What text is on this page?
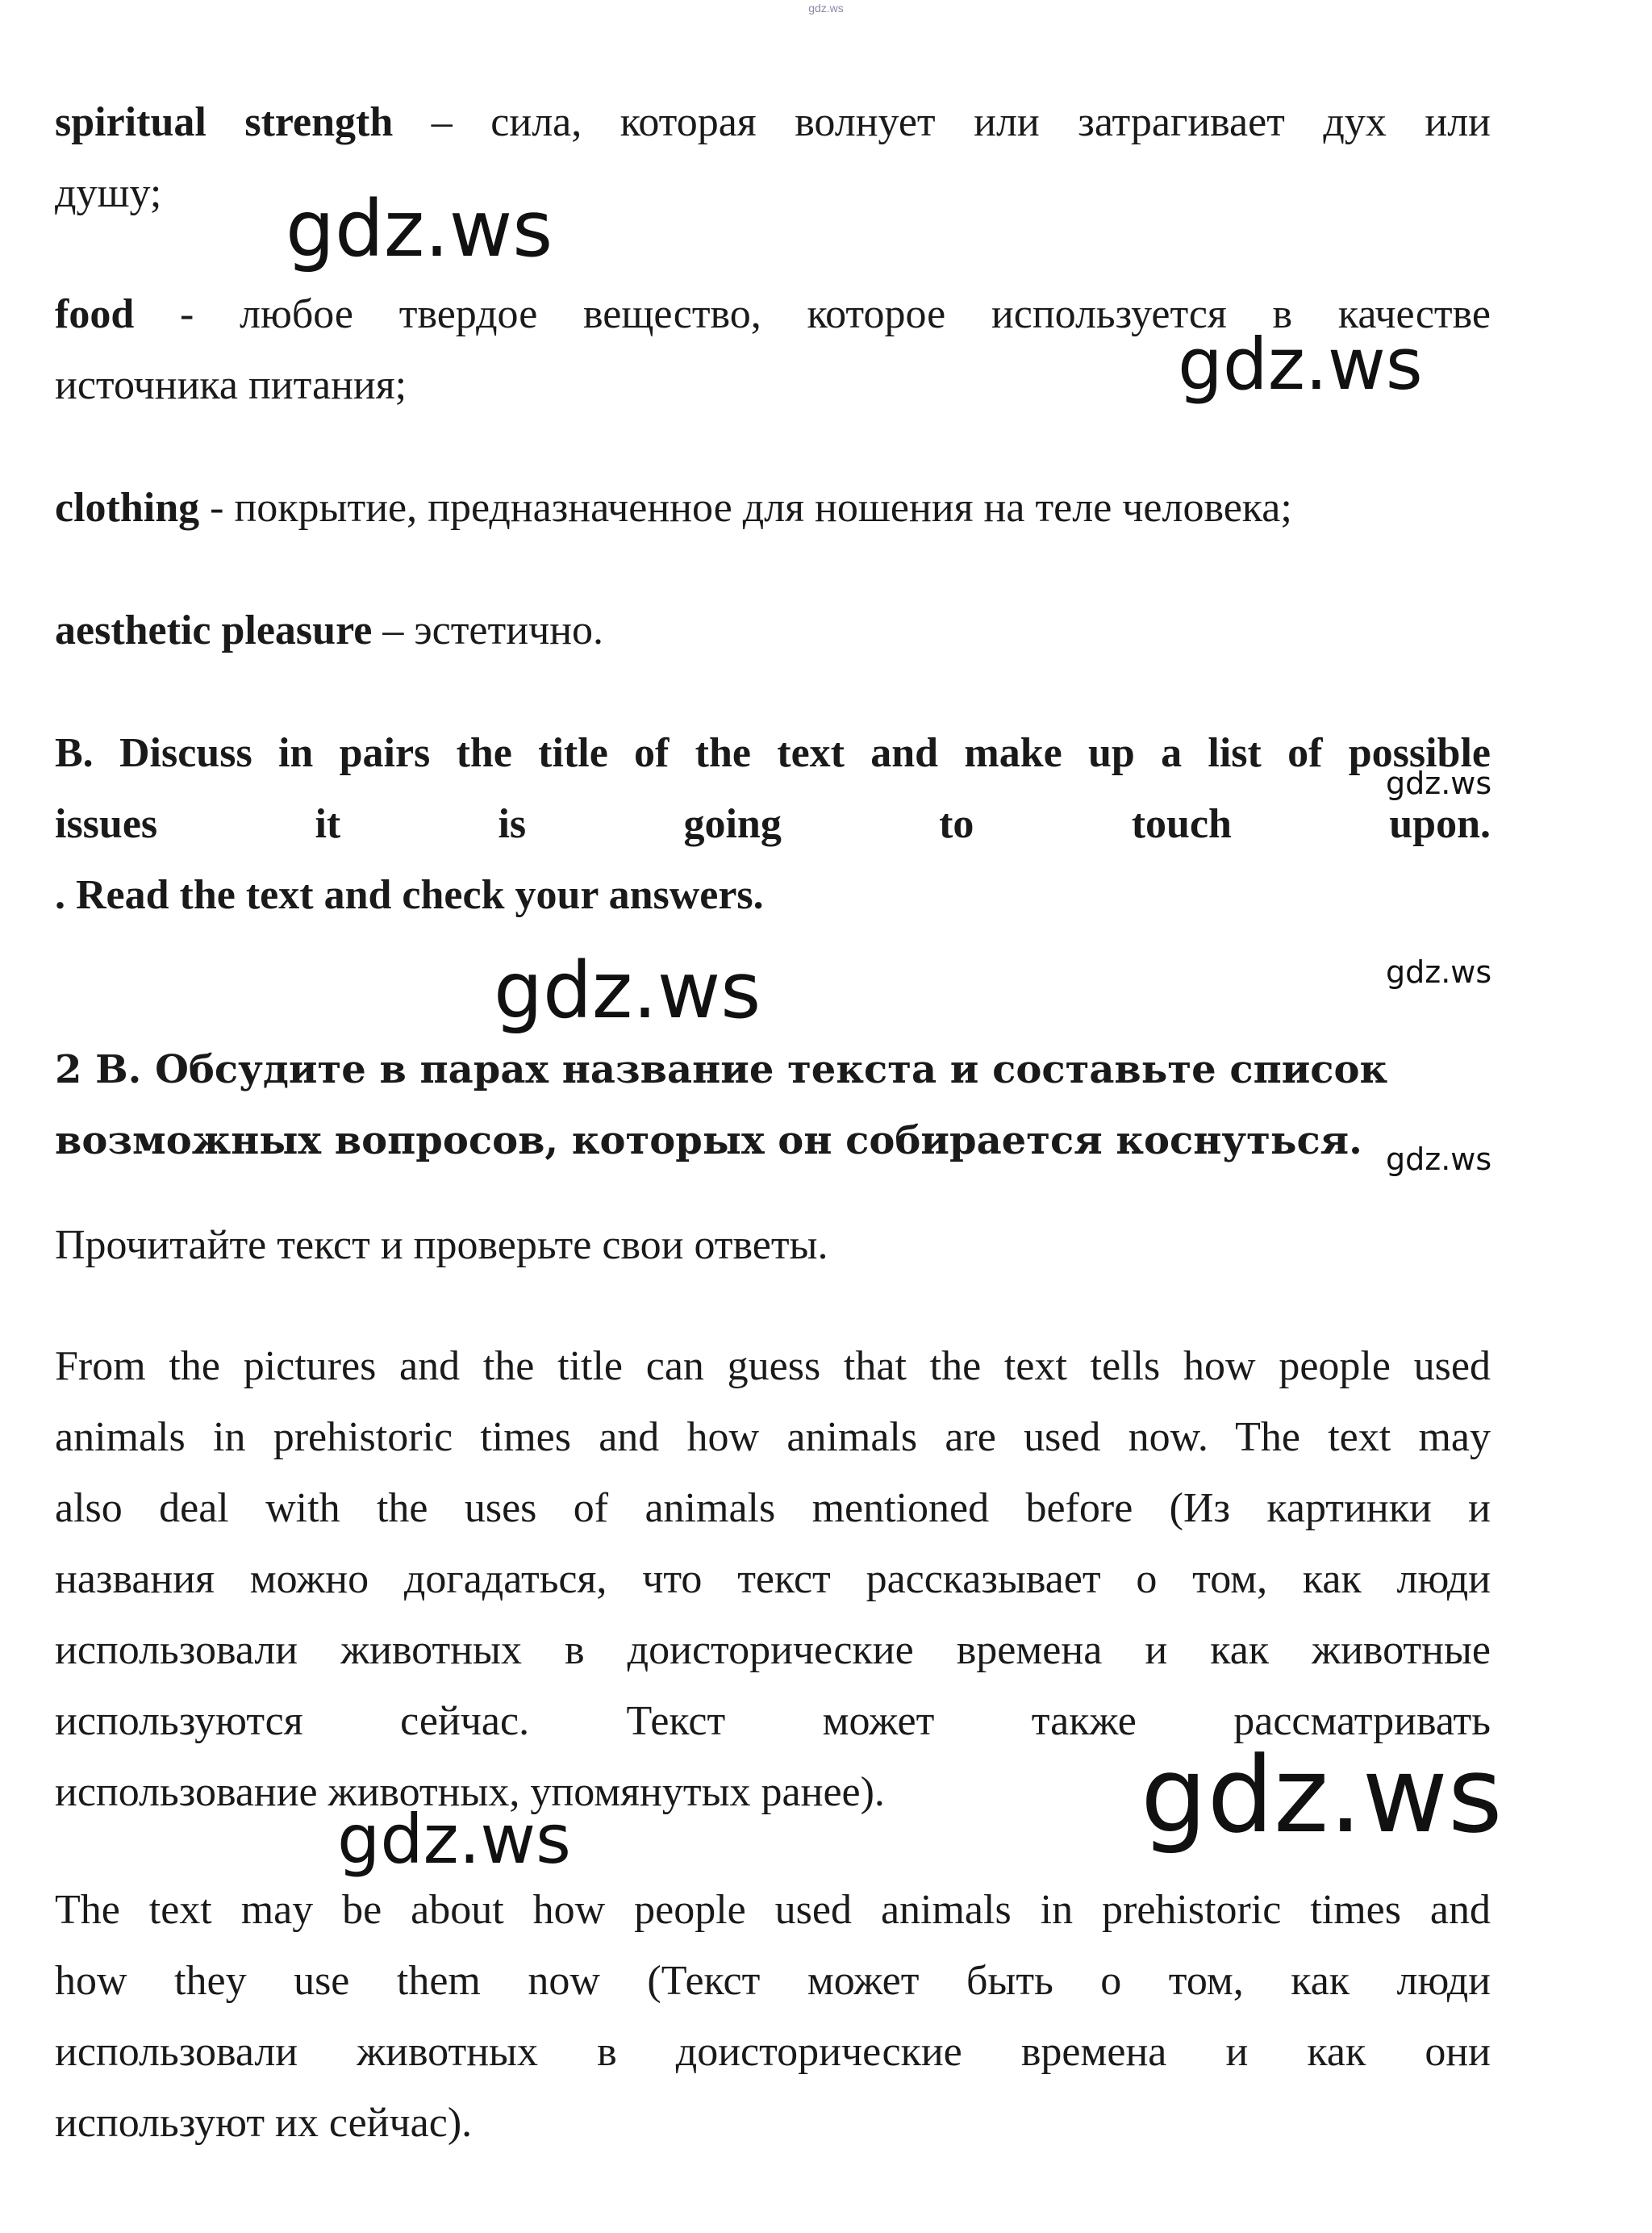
gdz.ws
spiritual strength – сила, которая волнует или затрагивает дух или
душу;
food - любое твердое вещество, которое используется в качестве
источника питания;
clothing - покрытие, предназначенное для ношения на теле человека;
aesthetic pleasure – эстетично.
B. Discuss in pairs the title of the text and make up a list of possible
issues it is going to touch upon.
. Read the text and check your answers.
2 В. Обсудите в парах название текста и составьте список
возможных вопросов, которых он собирается коснуться.
Прочитайте текст и проверьте свои ответы.
From the pictures and the title can guess that the text tells how people used
animals in prehistoric times and how animals are used now. The text may
also deal with the uses of animals mentioned before (Из картинки и
названия можно догадаться, что текст рассказывает о том, как люди
использовали животных в доисторические времена и как животные
используются сейчас. Текст может также рассматривать
использование животных, упомянутых ранее).
The text may be about how people used animals in prehistoric times and
how they use them now (Текст может быть о том, как люди
использовали животных в доисторические времена и как они
используют их сейчас).
gdz.ws
gdz.ws
gdz.ws
gdz.ws	gdz.ws
gdz.ws
gdz.ws
gdz.ws
